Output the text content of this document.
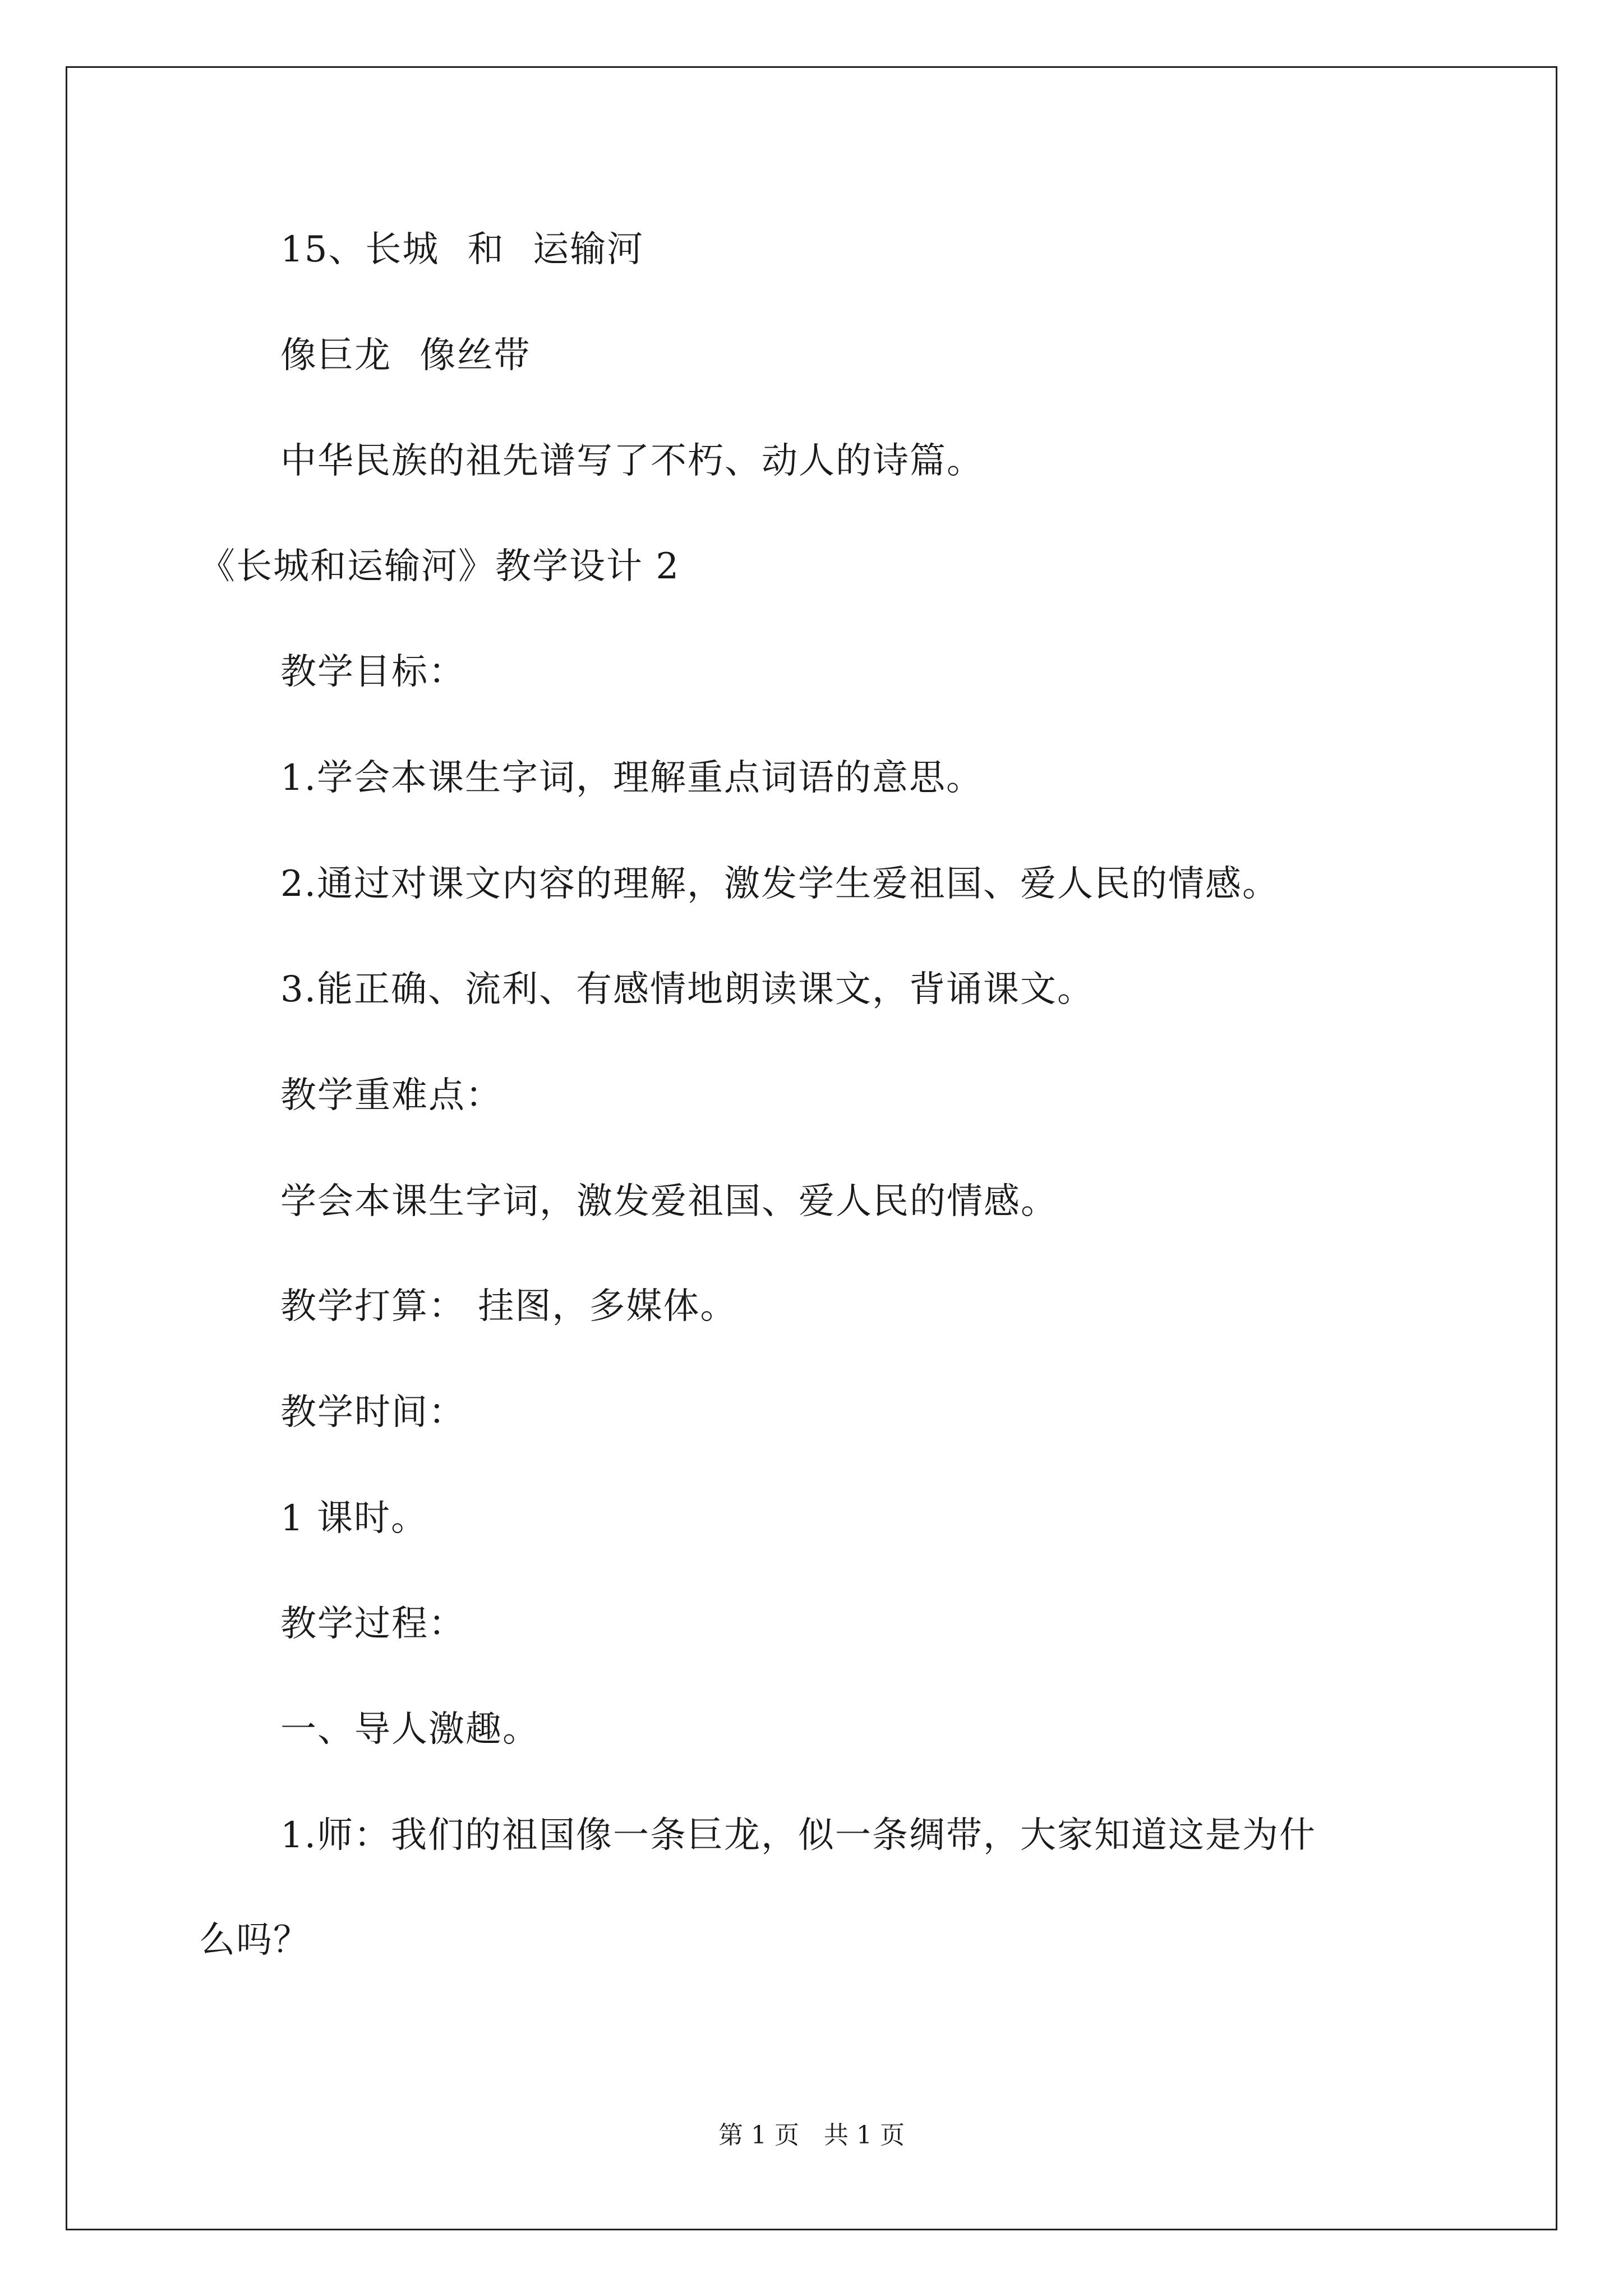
15、长城 和 运输河
像巨龙 像丝带
中华民族的祖先谱写了不朽、动人的诗篇。
《长城和运输河》教学设计 2
教学目标：
1.学会本课生字词，理解重点词语的意思。
2.通过对课文内容的理解，激发学生爱祖国、爱人民的情感。
3.能正确、流利、有感情地朗读课文，背诵课文。
教学重难点：
学会本课生字词，激发爱祖国、爱人民的情感。
教学打算： 挂图，多媒体。
教学时间：
1 课时。
教学过程：
一、导人激趣。
1.师：我们的祖国像一条巨龙，似一条绸带，大家知道这是为什
么吗？
第 1 页　共 1 页
